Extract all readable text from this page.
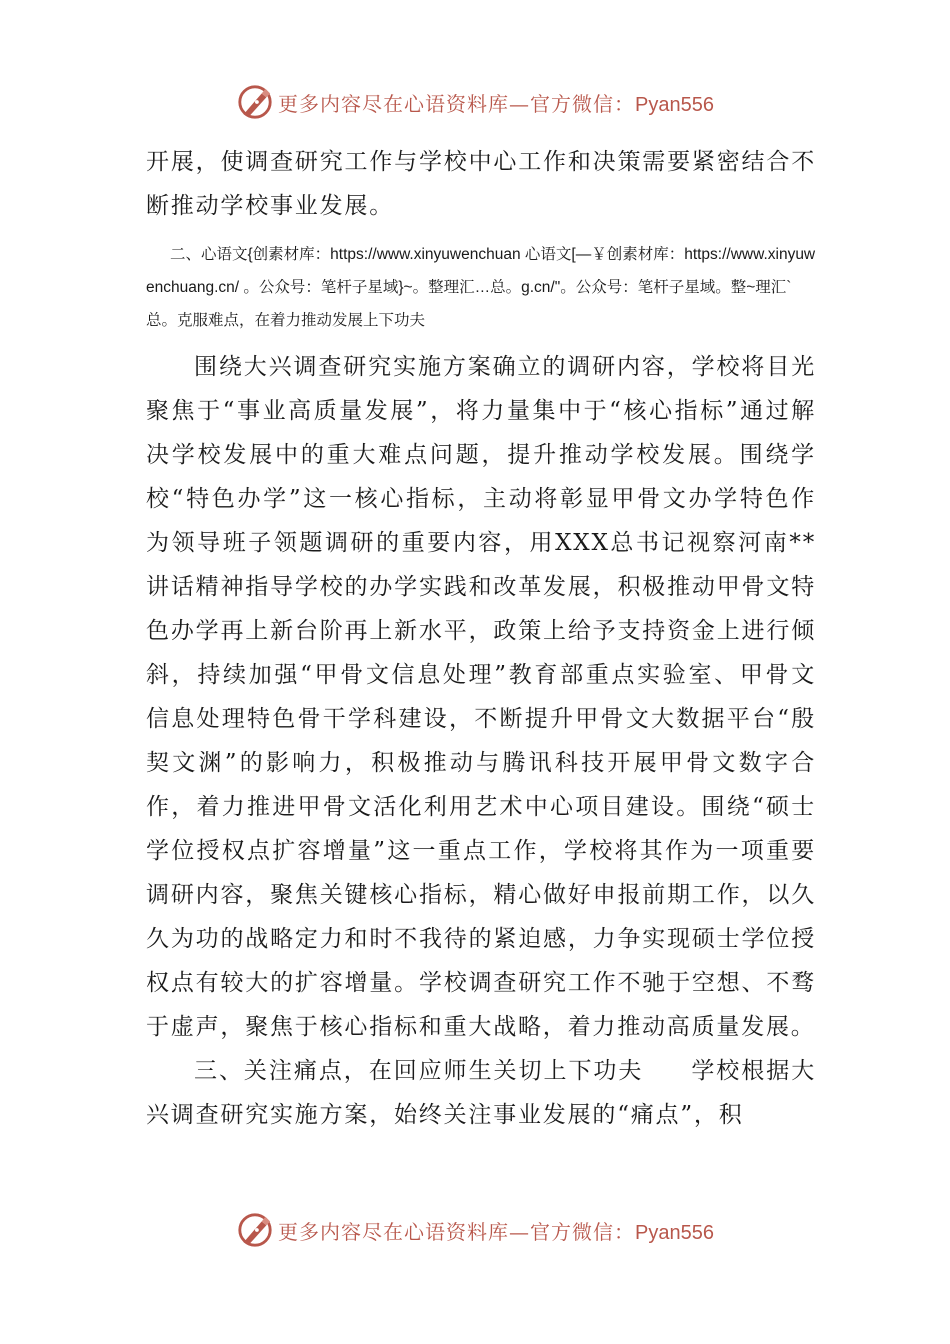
更多内容尽在心语资料库—官方微信：Pyan556

开展，使调查研究工作与学校中心工作和决策需要紧密结合不断推动学校事业发展。

二、心语文{创素材库：https://www.xinyuwenchuan 心语文[—￥创素材库：https://www.xinyuwenchuang.cn/ 。公众号：笔杆子星域}~。整理汇…总。g.cn/"。公众号：笔杆子星域。整~理汇`总。克服难点，在着力推动发展上下功夫

围绕大兴调查研究实施方案确立的调研内容，学校将目光聚焦于“事业高质量发展”，将力量集中于“核心指标”通过解决学校发展中的重大难点问题，提升推动学校发展。围绕学校“特色办学”这一核心指标，主动将彰显甲骨文办学特色作为领导班子领题调研的重要内容，用XXX总书记视察河南**讲话精神指导学校的办学实践和改革发展，积极推动甲骨文特色办学再上新台阶再上新水平，政策上给予支持资金上进行倾斜，持续加强“甲骨文信息处理”教育部重点实验室、甲骨文信息处理特色骨干学科建设，不断提升甲骨文大数据平台“殷契文渊”的影响力，积极推动与腾讯科技开展甲骨文数字合作，着力推进甲骨文活化利用艺术中心项目建设。围绕“硕士学位授权点扩容增量”这一重点工作，学校将其作为一项重要调研内容，聚焦关键核心指标，精心做好申报前期工作，以久久为功的战略定力和时不我待的紧迫感，力争实现硕士学位授权点有较大的扩容增量。学校调查研究工作不驰于空想、不骛于虚声，聚焦于核心指标和重大战略，着力推动高质量发展。

三、关注痛点，在回应师生关切上下功夫 学校根据大兴调查研究实施方案，始终关注事业发展的“痛点”，积

更多内容尽在心语资料库—官方微信：Pyan556
